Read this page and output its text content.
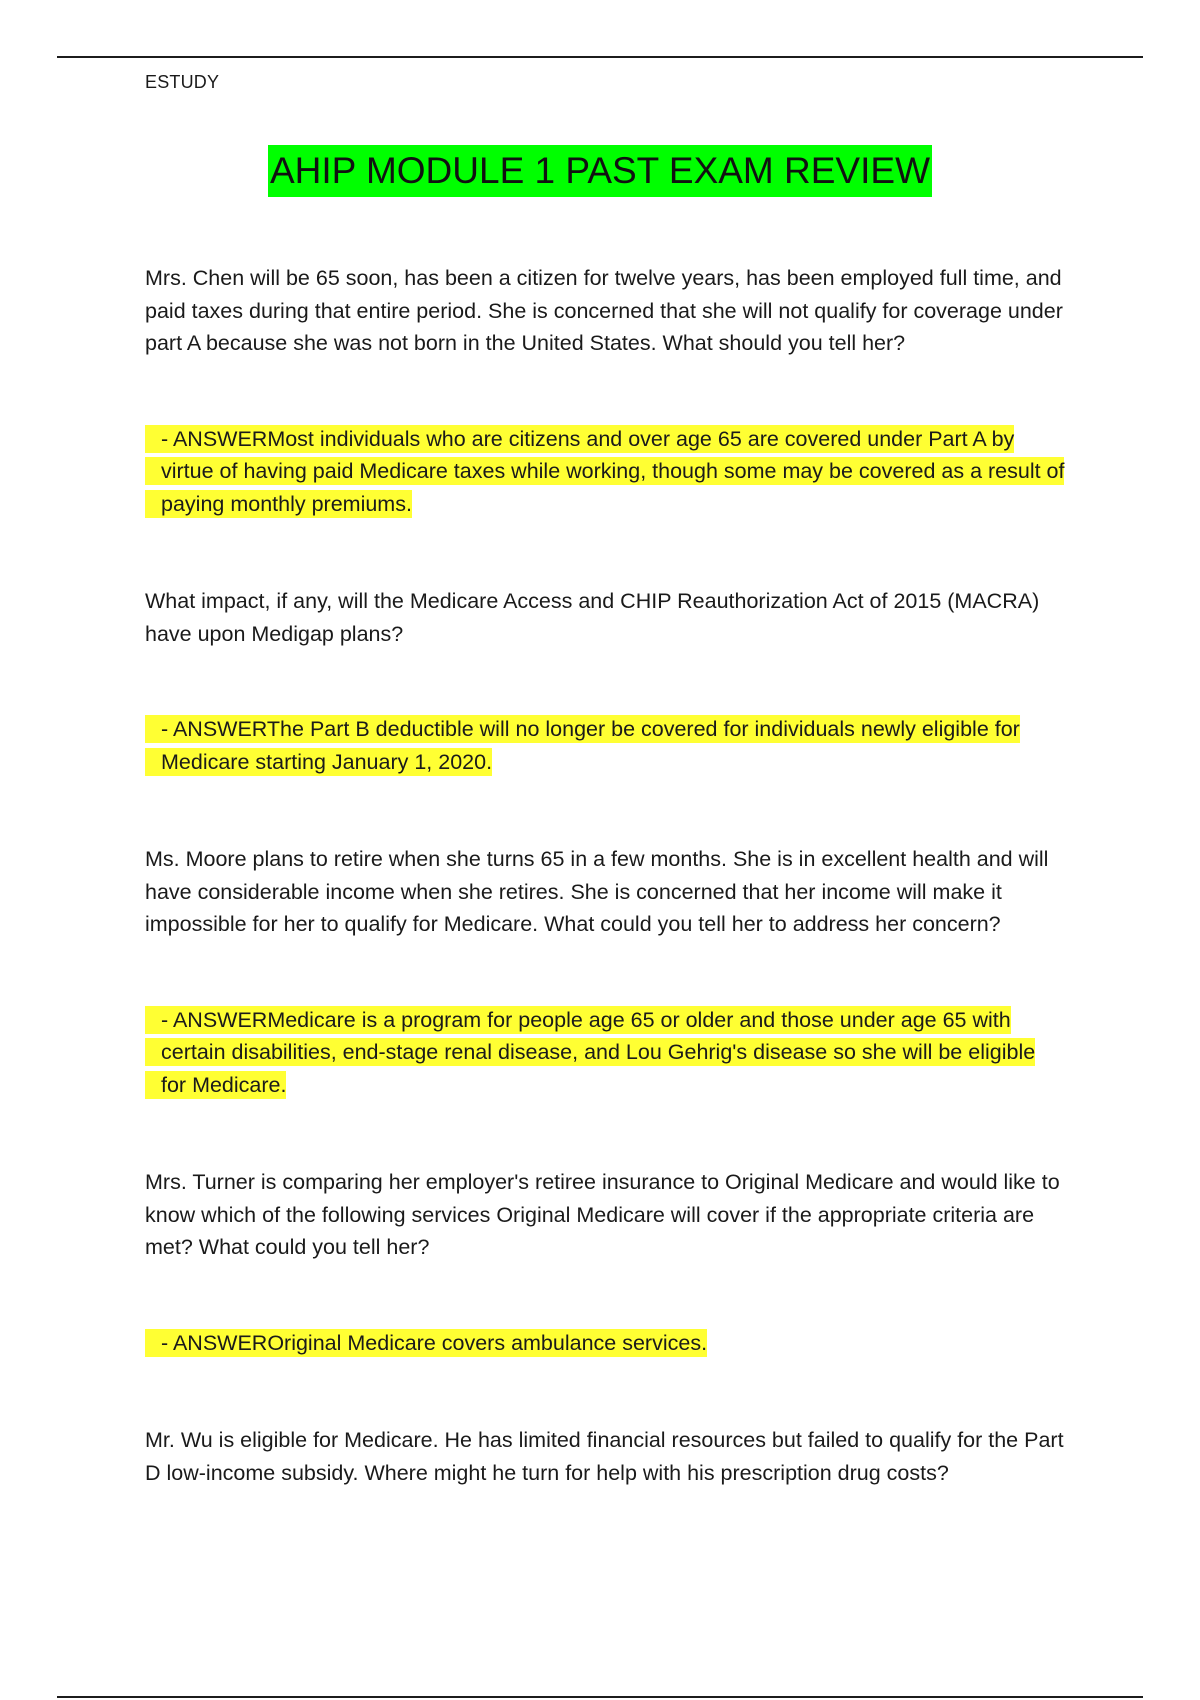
ESTUDY
AHIP MODULE 1 PAST EXAM REVIEW

Mrs. Chen will be 65 soon, has been a citizen for twelve years, has been employed full time, and paid taxes during that entire period. She is concerned that she will not qualify for coverage under part A because she was not born in the United States. What should you tell her?

- ANSWERMost individuals who are citizens and over age 65 are covered under Part A by virtue of having paid Medicare taxes while working, though some may be covered as a result of paying monthly premiums.

What impact, if any, will the Medicare Access and CHIP Reauthorization Act of 2015 (MACRA) have upon Medigap plans?

- ANSWERThe Part B deductible will no longer be covered for individuals newly eligible for Medicare starting January 1, 2020.

Ms. Moore plans to retire when she turns 65 in a few months. She is in excellent health and will have considerable income when she retires. She is concerned that her income will make it impossible for her to qualify for Medicare. What could you tell her to address her concern?

- ANSWERMedicare is a program for people age 65 or older and those under age 65 with certain disabilities, end-stage renal disease, and Lou Gehrig's disease so she will be eligible for Medicare.

Mrs. Turner is comparing her employer's retiree insurance to Original Medicare and would like to know which of the following services Original Medicare will cover if the appropriate criteria are met? What could you tell her?

- ANSWEROriginal Medicare covers ambulance services.

Mr. Wu is eligible for Medicare. He has limited financial resources but failed to qualify for the Part D low-income subsidy. Where might he turn for help with his prescription drug costs?
